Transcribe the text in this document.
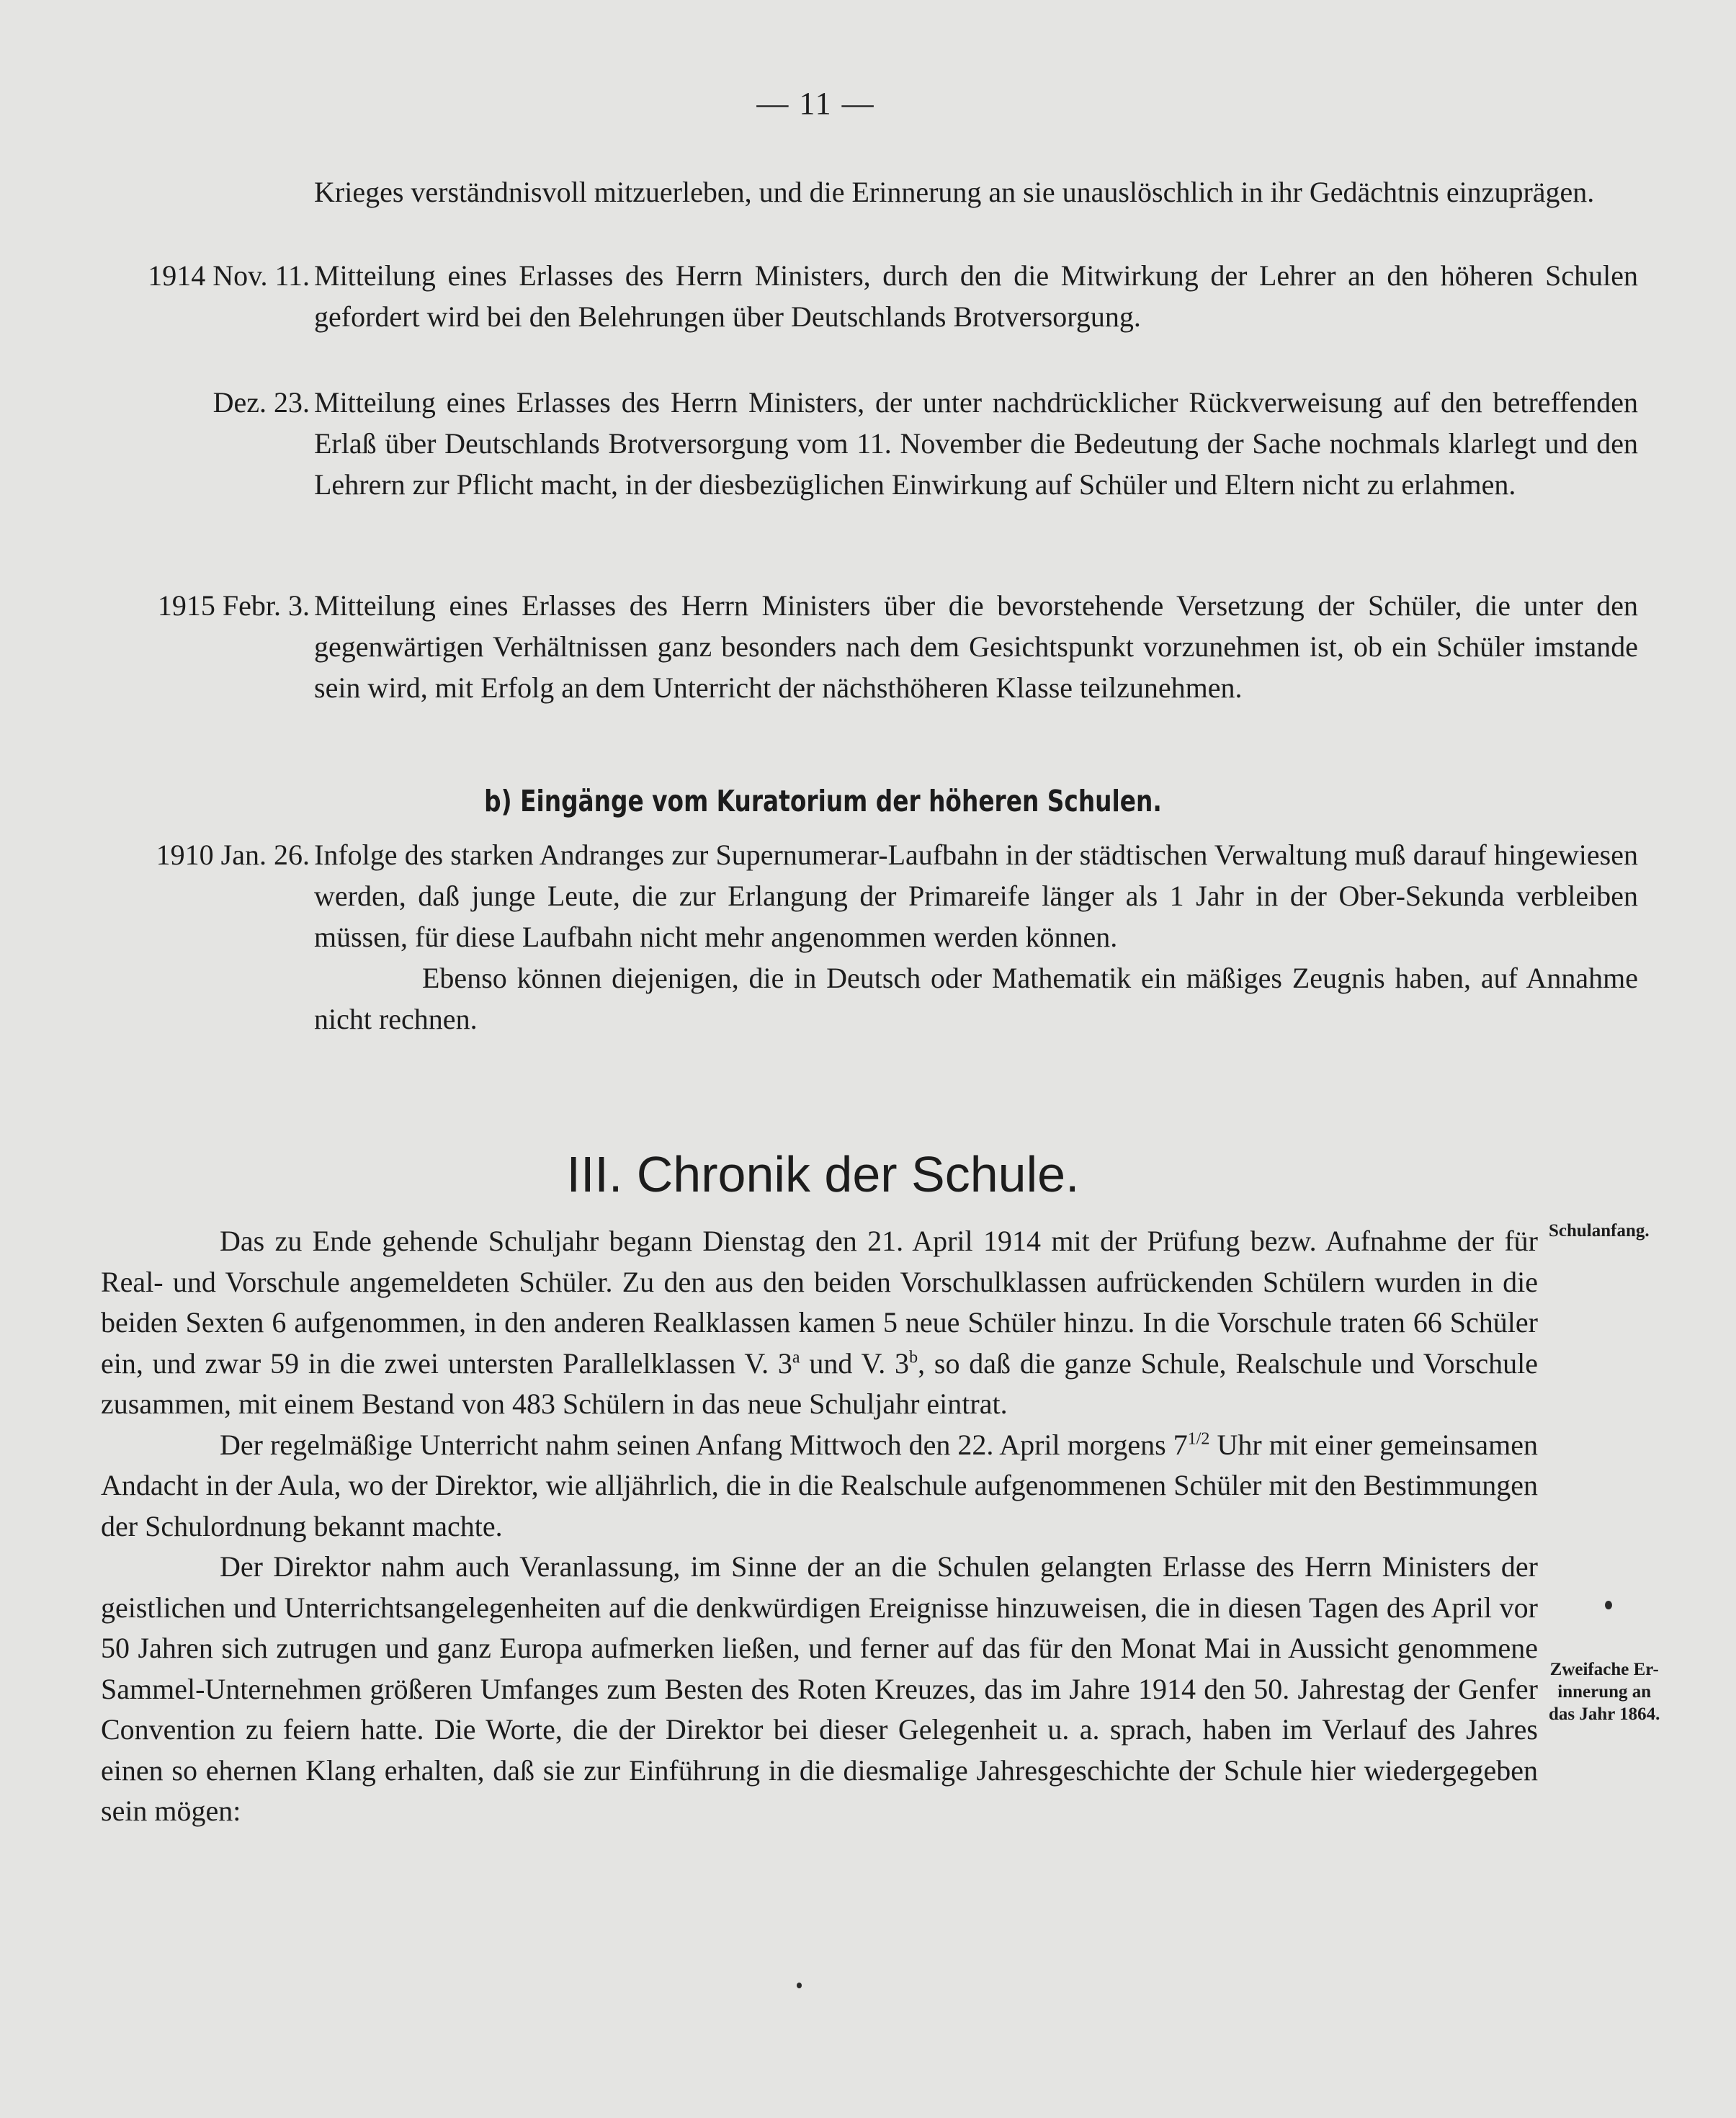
— 11 —
Krieges verständnisvoll mitzuerleben, und die Erinnerung an sie unauslöschlich in ihr Gedächtnis einzuprägen.
1914 Nov. 11. Mitteilung eines Erlasses des Herrn Ministers, durch den die Mitwirkung der Lehrer an den höheren Schulen gefordert wird bei den Belehrungen über Deutschlands Brotversorgung.
Dez. 23. Mitteilung eines Erlasses des Herrn Ministers, der unter nachdrücklicher Rückverweisung auf den betreffenden Erlaß über Deutschlands Brotversorgung vom 11. November die Bedeutung der Sache nochmals klarlegt und den Lehrern zur Pflicht macht, in der diesbezüglichen Einwirkung auf Schüler und Eltern nicht zu erlahmen.
1915 Febr. 3. Mitteilung eines Erlasses des Herrn Ministers über die bevorstehende Versetzung der Schüler, die unter den gegenwärtigen Verhältnissen ganz besonders nach dem Gesichtspunkt vorzunehmen ist, ob ein Schüler imstande sein wird, mit Erfolg an dem Unterricht der nächsthöheren Klasse teilzunehmen.
b) Eingänge vom Kuratorium der höheren Schulen.
1910 Jan. 26. Infolge des starken Andranges zur Supernumerar-Laufbahn in der städtischen Verwaltung muß darauf hingewiesen werden, daß junge Leute, die zur Erlangung der Primareife länger als 1 Jahr in der Ober-Sekunda verbleiben müssen, für diese Laufbahn nicht mehr angenommen werden können.

Ebenso können diejenigen, die in Deutsch oder Mathematik ein mäßiges Zeugnis haben, auf Annahme nicht rechnen.

III. Chronik der Schule.

Das zu Ende gehende Schuljahr begann Dienstag den 21. April 1914 mit der Prüfung bezw. Aufnahme der für Real- und Vorschule angemeldeten Schüler. Zu den aus den beiden Vorschulklassen aufrückenden Schülern wurden in die beiden Sexten 6 aufgenommen, in den anderen Realklassen kamen 5 neue Schüler hinzu. In die Vorschule traten 66 Schüler ein, und zwar 59 in die zwei untersten Parallelklassen V. 3$^a$ und V. 3$^b$, so daß die ganze Schule, Realschule und Vorschule zusammen, mit einem Bestand von 483 Schülern in das neue Schuljahr eintrat.

Der regelmäßige Unterricht nahm seinen Anfang Mittwoch den 22. April morgens $7^{1/2}$ Uhr mit einer gemeinsamen Andacht in der Aula, wo der Direktor, wie alljährlich, die in die Realschule aufgenommenen Schüler mit den Bestimmungen der Schulordnung bekannt machte.

Der Direktor nahm auch Veranlassung, im Sinne der an die Schulen gelangten Erlasse des Herrn Ministers der geistlichen und Unterrichtsangelegenheiten auf die denkwürdigen Ereignisse hinzuweisen, die in diesen Tagen des April vor 50 Jahren sich zutrugen und ganz Europa aufmerken ließen, und ferner auf das für den Monat Mai in Aussicht genommene Sammel-Unternehmen größeren Umfanges zum Besten des Roten Kreuzes, das im Jahre 1914 den 50. Jahrestag der Genfer Convention zu feiern hatte. Die Worte, die der Direktor bei dieser Gelegenheit u. a. sprach, haben im Verlauf des Jahres einen so ehernen Klang erhalten, daß sie zur Einführung in die diesmalige Jahresgeschichte der Schule hier wiedergegeben sein mögen:

Schulanfang.
Zweifache Er-
innerung an
das Jahr 1864.
